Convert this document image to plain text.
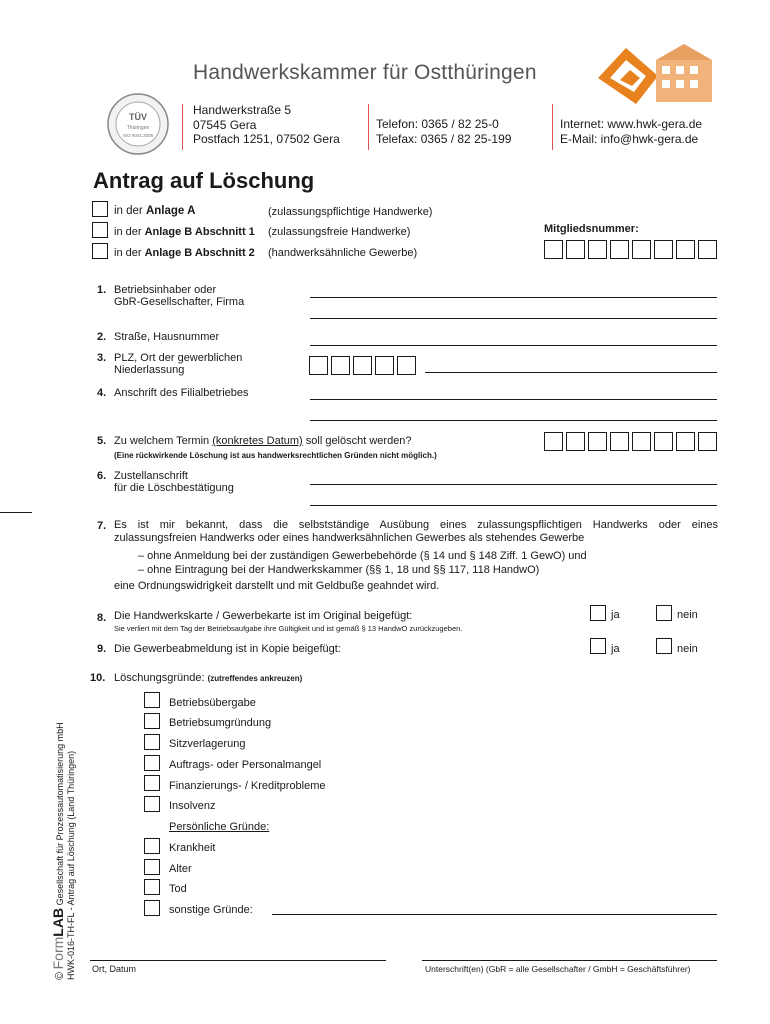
Handwerkskammer für Ostthüringen
TÜV
Thüringen
ISO 9001:2008
Handwerkstraße 5
07545 Gera
Postfach 1251, 07502 Gera
Telefon: 0365 / 82 25-0
Telefax: 0365 / 82 25-199
Internet: www.hwk-gera.de
E-Mail: info@hwk-gera.de
Antrag auf Löschung
in der Anlage A	(zulassungspflichtige Handwerke)
in der Anlage B Abschnitt 1 (zulassungsfreie Handwerke)
in der Anlage B Abschnitt 2 (handwerksähnliche Gewerbe)
Mitgliedsnummer:
1. Betriebsinhaber oder
GbR-Gesellschafter, Firma
2. Straße, Hausnummer
3. PLZ, Ort der gewerblichen
Niederlassung
4. Anschrift des Filialbetriebes
5. Zu welchem Termin (konkretes Datum) soll gelöscht werden?
(Eine rückwirkende Löschung ist aus handwerksrechtlichen Gründen nicht möglich.)
6. Zustellanschrift
für die Löschbestätigung
7. Es ist mir bekannt, dass die selbstständige Ausübung eines zulassungspflichtigen Handwerks oder eines
zulassungsfreien Handwerks oder eines handwerksähnlichen Gewerbes als stehendes Gewerbe
– ohne Anmeldung bei der zuständigen Gewerbebehörde (§ 14 und § 148 Ziff. 1 GewO) und
– ohne Eintragung bei der Handwerkskammer (§§ 1, 18 und §§ 117, 118 HandwO)
eine Ordnungswidrigkeit darstellt und mit Geldbuße geahndet wird.
8. Die Handwerkskarte / Gewerbekarte ist im Original beigefügt:
Sie verliert mit dem Tag der Betriebsaufgabe ihre Gültigkeit und ist gemäß § 13 HandwO zurückzugeben.
ja	nein
9. Die Gewerbeabmeldung ist in Kopie beigefügt:	ja	nein
10. Löschungsgründe: (zutreffendes ankreuzen)
Betriebsübergabe
Betriebsumgründung
Sitzverlagerung
Auftrags- oder Personalmangel
Finanzierungs- / Kreditprobleme
Insolvenz
Persönliche Gründe:
Krankheit
Alter
Tod
sonstige Gründe:
Ort, Datum	Unterschrift(en) (GbR = alle Gesellschafter / GmbH = Geschäftsführer)
© FormLAB Gesellschaft für Prozessautomatisierung mbH HWK-016-TH-FL - Antrag auf Löschung (Land Thüringen)
